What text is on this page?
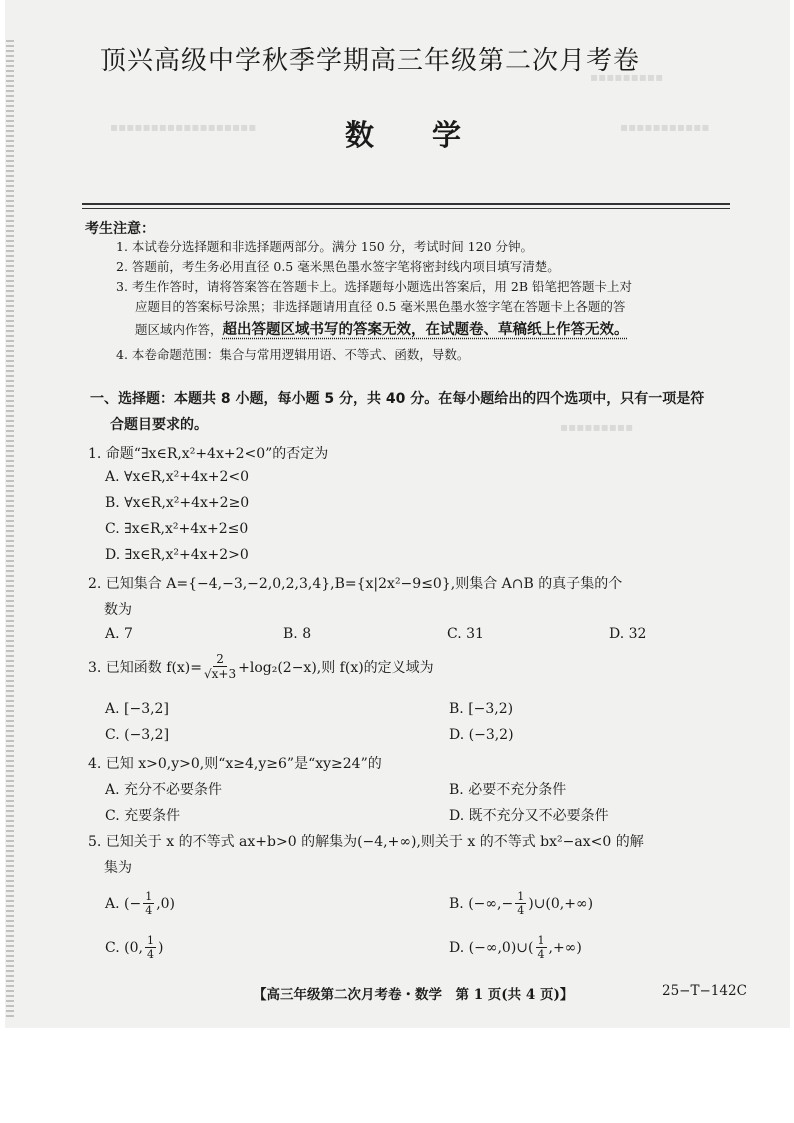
▪▪▪▪▪▪▪▪▪
▪▪▪▪▪▪▪▪▪▪▪▪▪▪▪▪▪▪	▪▪▪▪▪▪▪▪▪▪▪
▪▪▪▪▪▪▪▪▪
顶兴高级中学秋季学期高三年级第二次月考卷
数学
考生注意：
1. 本试卷分选择题和非选择题两部分。满分 150 分，考试时间 120 分钟。
2. 答题前，考生务必用直径 0.5 毫米黑色墨水签字笔将密封线内项目填写清楚。
3. 考生作答时，请将答案答在答题卡上。选择题每小题选出答案后，用 2B 铅笔把答题卡上对
应题目的答案标号涂黑；非选择题请用直径 0.5 毫米黑色墨水签字笔在答题卡上各题的答
题区域内作答，超出答题区域书写的答案无效，在试题卷、草稿纸上作答无效。
4. 本卷命题范围：集合与常用逻辑用语、不等式、函数，导数。
一、选择题：本题共 8 小题，每小题 5 分，共 40 分。在每小题给出的四个选项中，只有一项是符
合题目要求的。
1. 命题“∃x∈R,x²+4x+2<0”的否定为
A. ∀x∈R,x²+4x+2<0
B. ∀x∈R,x²+4x+2≥0
C. ∃x∈R,x²+4x+2≤0
D. ∃x∈R,x²+4x+2>0
2. 已知集合 A={−4,−3,−2,0,2,3,4},B={x|2x²−9≤0},则集合 A∩B 的真子集的个
数为
A. 7	B. 8	C. 31	D. 32
3. 已知函数 $f(x)= \frac{2}{√x+3} +\log_2(2-x)$,则 f(x)的定义域为
A. [−3,2]	B. [−3,2)
C. (−3,2]	D. (−3,2)
4. 已知 x>0,y>0,则“x≥4,y≥6”是“xy≥24”的
A. 充分不必要条件	B. 必要不充分条件
C. 充要条件	D. 既不充分又不必要条件
5. 已知关于 x 的不等式 ax+b>0 的解集为(−4,+∞),则关于 x 的不等式 bx²−ax<0 的解
集为
A. (− $\frac{1}{4} ,0$)	B. (−∞,− $\frac{1}{4}$ )∪(0,+∞)
C. (0, $\frac{1}{4}$ )	D. (−∞,0)∪( $\frac{1}{4}$ ,+∞)
【高三年级第二次月考卷・数学　第 1 页(共 4 页)】	25−T−142C
